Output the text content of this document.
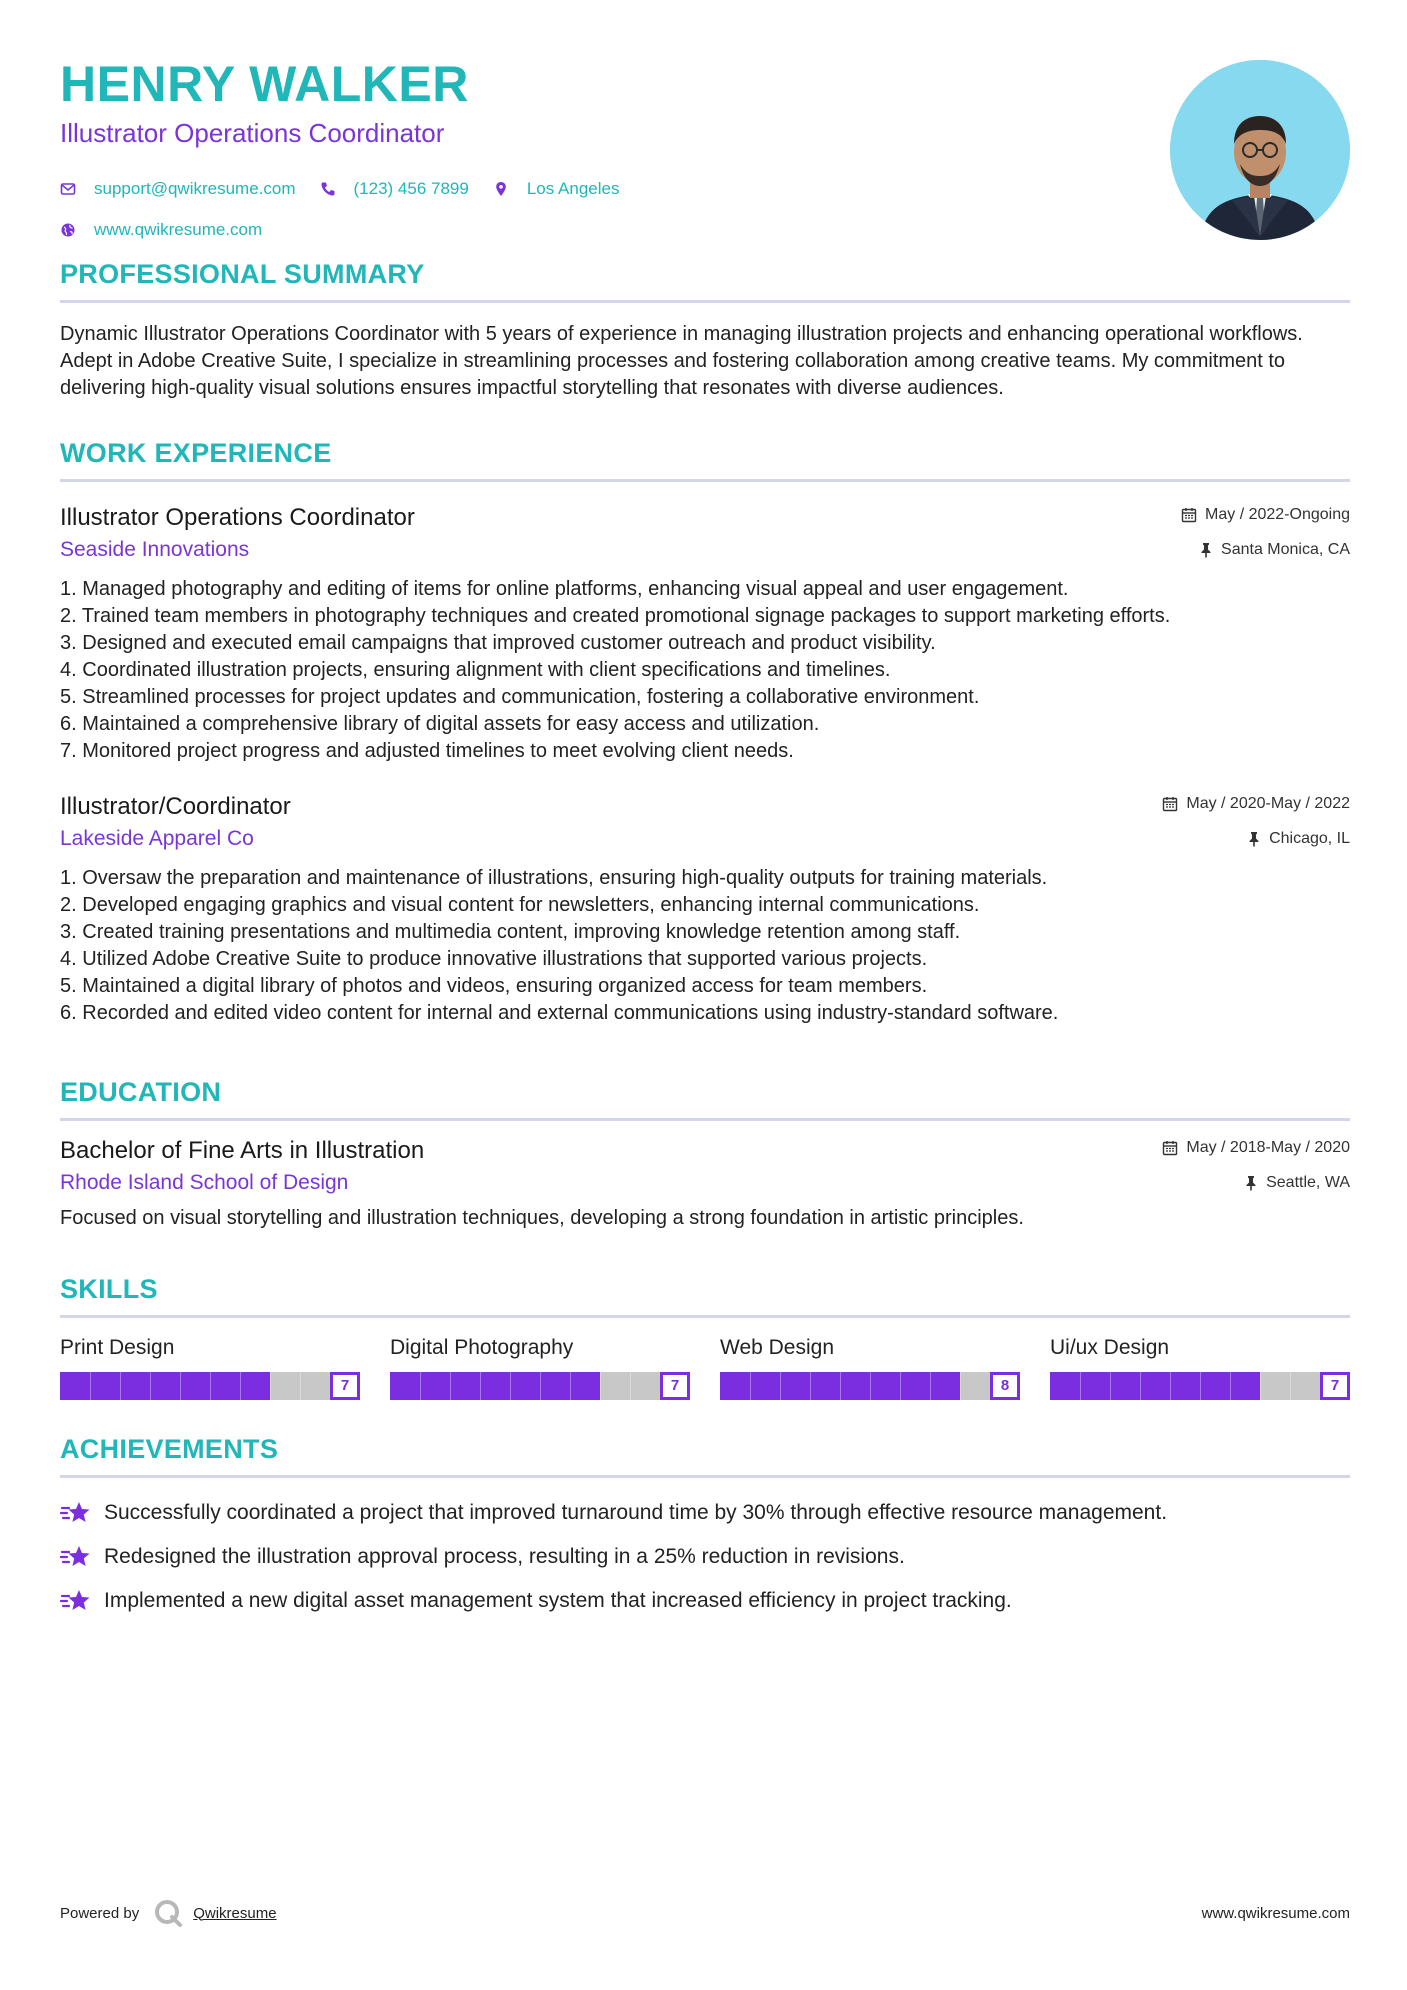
HENRY WALKER
Illustrator Operations Coordinator
support@qwikresume.com	(123) 456 7899	Los Angeles
www.qwikresume.com
PROFESSIONAL SUMMARY
Dynamic Illustrator Operations Coordinator with 5 years of experience in managing illustration projects and enhancing operational workflows. Adept in Adobe Creative Suite, I specialize in streamlining processes and fostering collaboration among creative teams. My commitment to delivering high-quality visual solutions ensures impactful storytelling that resonates with diverse audiences.
WORK EXPERIENCE
Illustrator Operations Coordinator	May / 2022-Ongoing
Seaside Innovations	Santa Monica, CA
Managed photography and editing of items for online platforms, enhancing visual appeal and user engagement.
Trained team members in photography techniques and created promotional signage packages to support marketing efforts.
Designed and executed email campaigns that improved customer outreach and product visibility.
Coordinated illustration projects, ensuring alignment with client specifications and timelines.
Streamlined processes for project updates and communication, fostering a collaborative environment.
Maintained a comprehensive library of digital assets for easy access and utilization.
Monitored project progress and adjusted timelines to meet evolving client needs.
Illustrator/Coordinator	May / 2020-May / 2022
Lakeside Apparel Co	Chicago, IL
Oversaw the preparation and maintenance of illustrations, ensuring high-quality outputs for training materials.
Developed engaging graphics and visual content for newsletters, enhancing internal communications.
Created training presentations and multimedia content, improving knowledge retention among staff.
Utilized Adobe Creative Suite to produce innovative illustrations that supported various projects.
Maintained a digital library of photos and videos, ensuring organized access for team members.
Recorded and edited video content for internal and external communications using industry-standard software.
EDUCATION
Bachelor of Fine Arts in Illustration	May / 2018-May / 2020
Rhode Island School of Design	Seattle, WA
Focused on visual storytelling and illustration techniques, developing a strong foundation in artistic principles.
SKILLS
Print Design
7
Digital Photography
7
Web Design
8
Ui/ux Design
7
ACHIEVEMENTS
Successfully coordinated a project that improved turnaround time by 30% through effective resource management.
Redesigned the illustration approval process, resulting in a 25% reduction in revisions.
Implemented a new digital asset management system that increased efficiency in project tracking.
Powered by	Qwikresume	www.qwikresume.com
